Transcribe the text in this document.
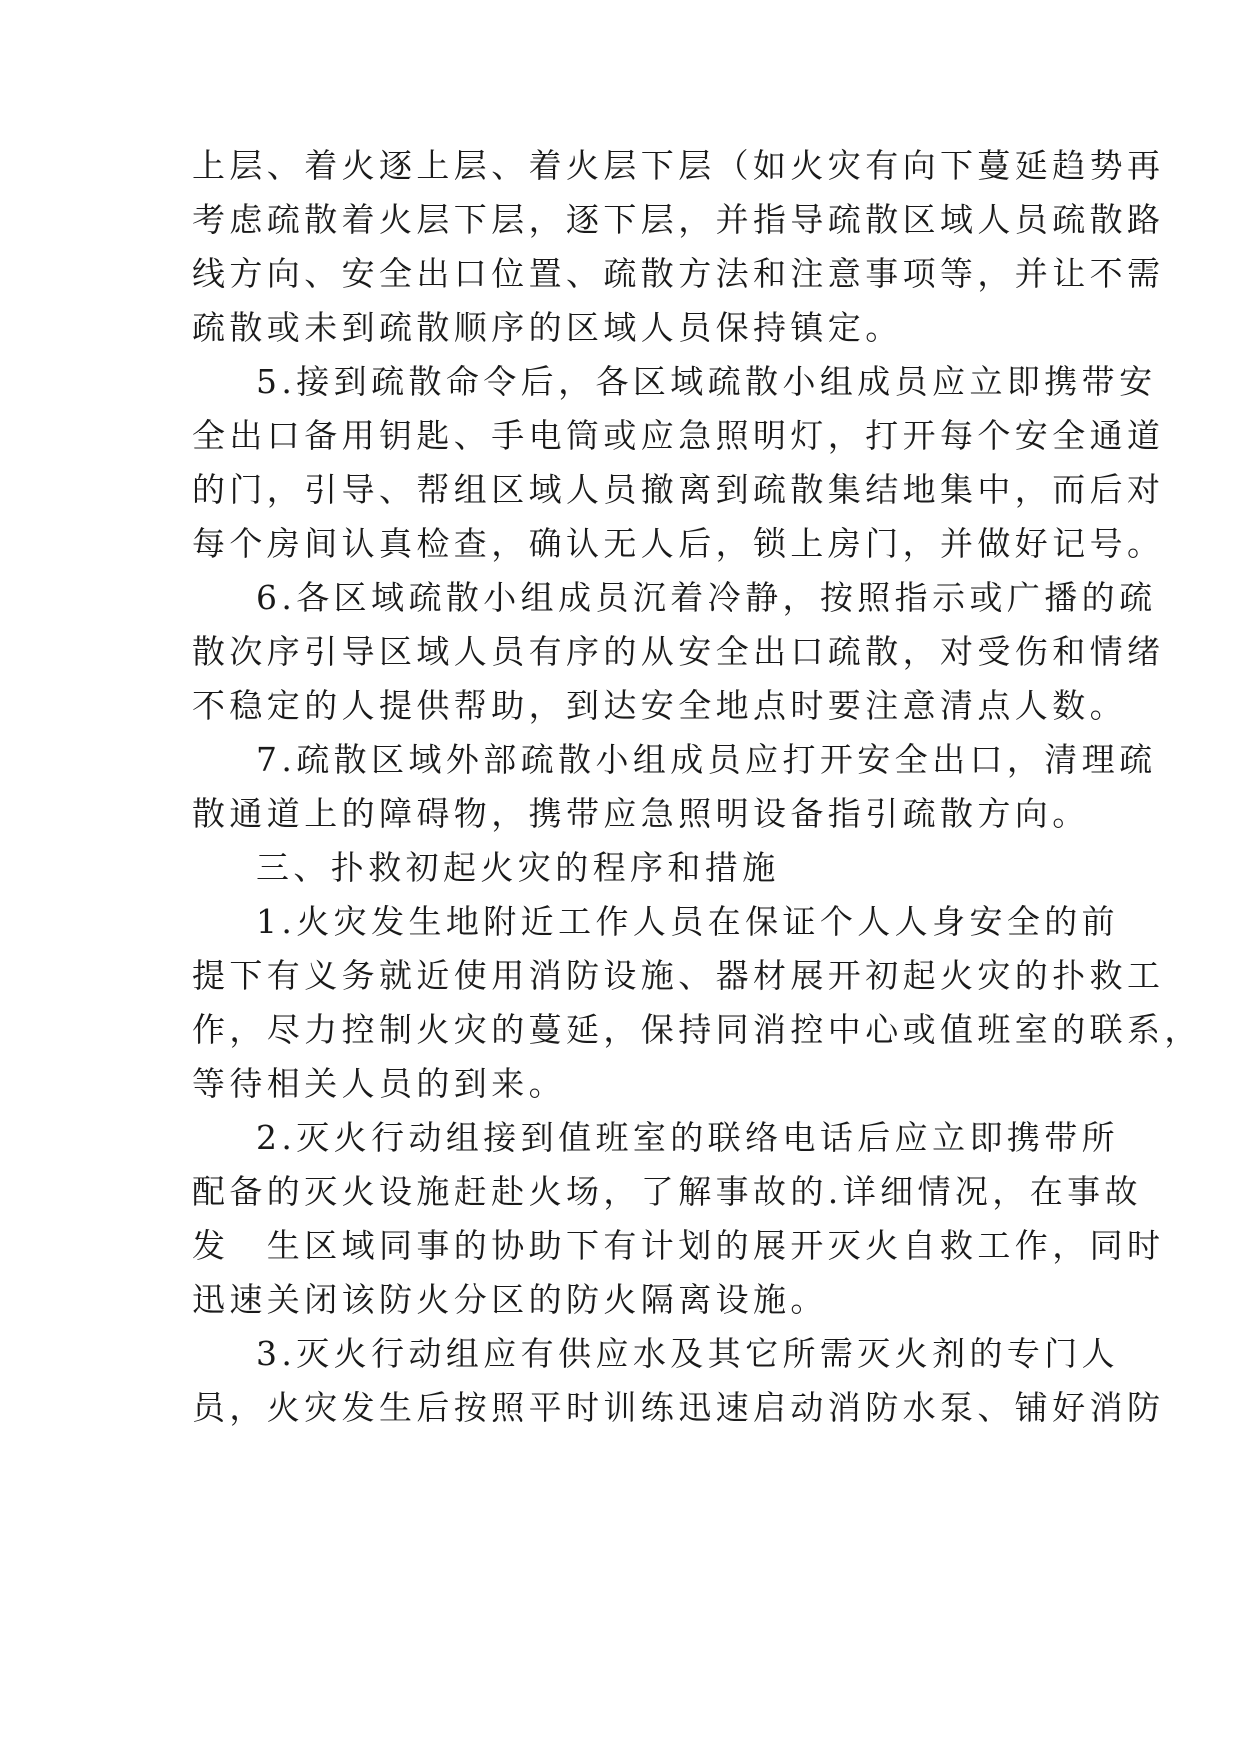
上层、着火逐上层、着火层下层（如火灾有向下蔓延趋势再
考虑疏散着火层下层，逐下层，并指导疏散区域人员疏散路
线方向、安全出口位置、疏散方法和注意事项等，并让不需
疏散或未到疏散顺序的区域人员保持镇定。
5.接到疏散命令后，各区域疏散小组成员应立即携带安
全出口备用钥匙、手电筒或应急照明灯，打开每个安全通道
的门，引导、帮组区域人员撤离到疏散集结地集中，而后对
每个房间认真检查，确认无人后，锁上房门，并做好记号。
6.各区域疏散小组成员沉着冷静，按照指示或广播的疏
散次序引导区域人员有序的从安全出口疏散，对受伤和情绪
不稳定的人提供帮助，到达安全地点时要注意清点人数。
7.疏散区域外部疏散小组成员应打开安全出口，清理疏
散通道上的障碍物，携带应急照明设备指引疏散方向。
三、扑救初起火灾的程序和措施
1.火灾发生地附近工作人员在保证个人人身安全的前
提下有义务就近使用消防设施、器材展开初起火灾的扑救工
作，尽力控制火灾的蔓延，保持同消控中心或值班室的联系，
等待相关人员的到来。
2.灭火行动组接到值班室的联络电话后应立即携带所
配备的灭火设施赶赴火场，了解事故的.详细情况，在事故
发　生区域同事的协助下有计划的展开灭火自救工作，同时
迅速关闭该防火分区的防火隔离设施。
3.灭火行动组应有供应水及其它所需灭火剂的专门人
员，火灾发生后按照平时训练迅速启动消防水泵、铺好消防
